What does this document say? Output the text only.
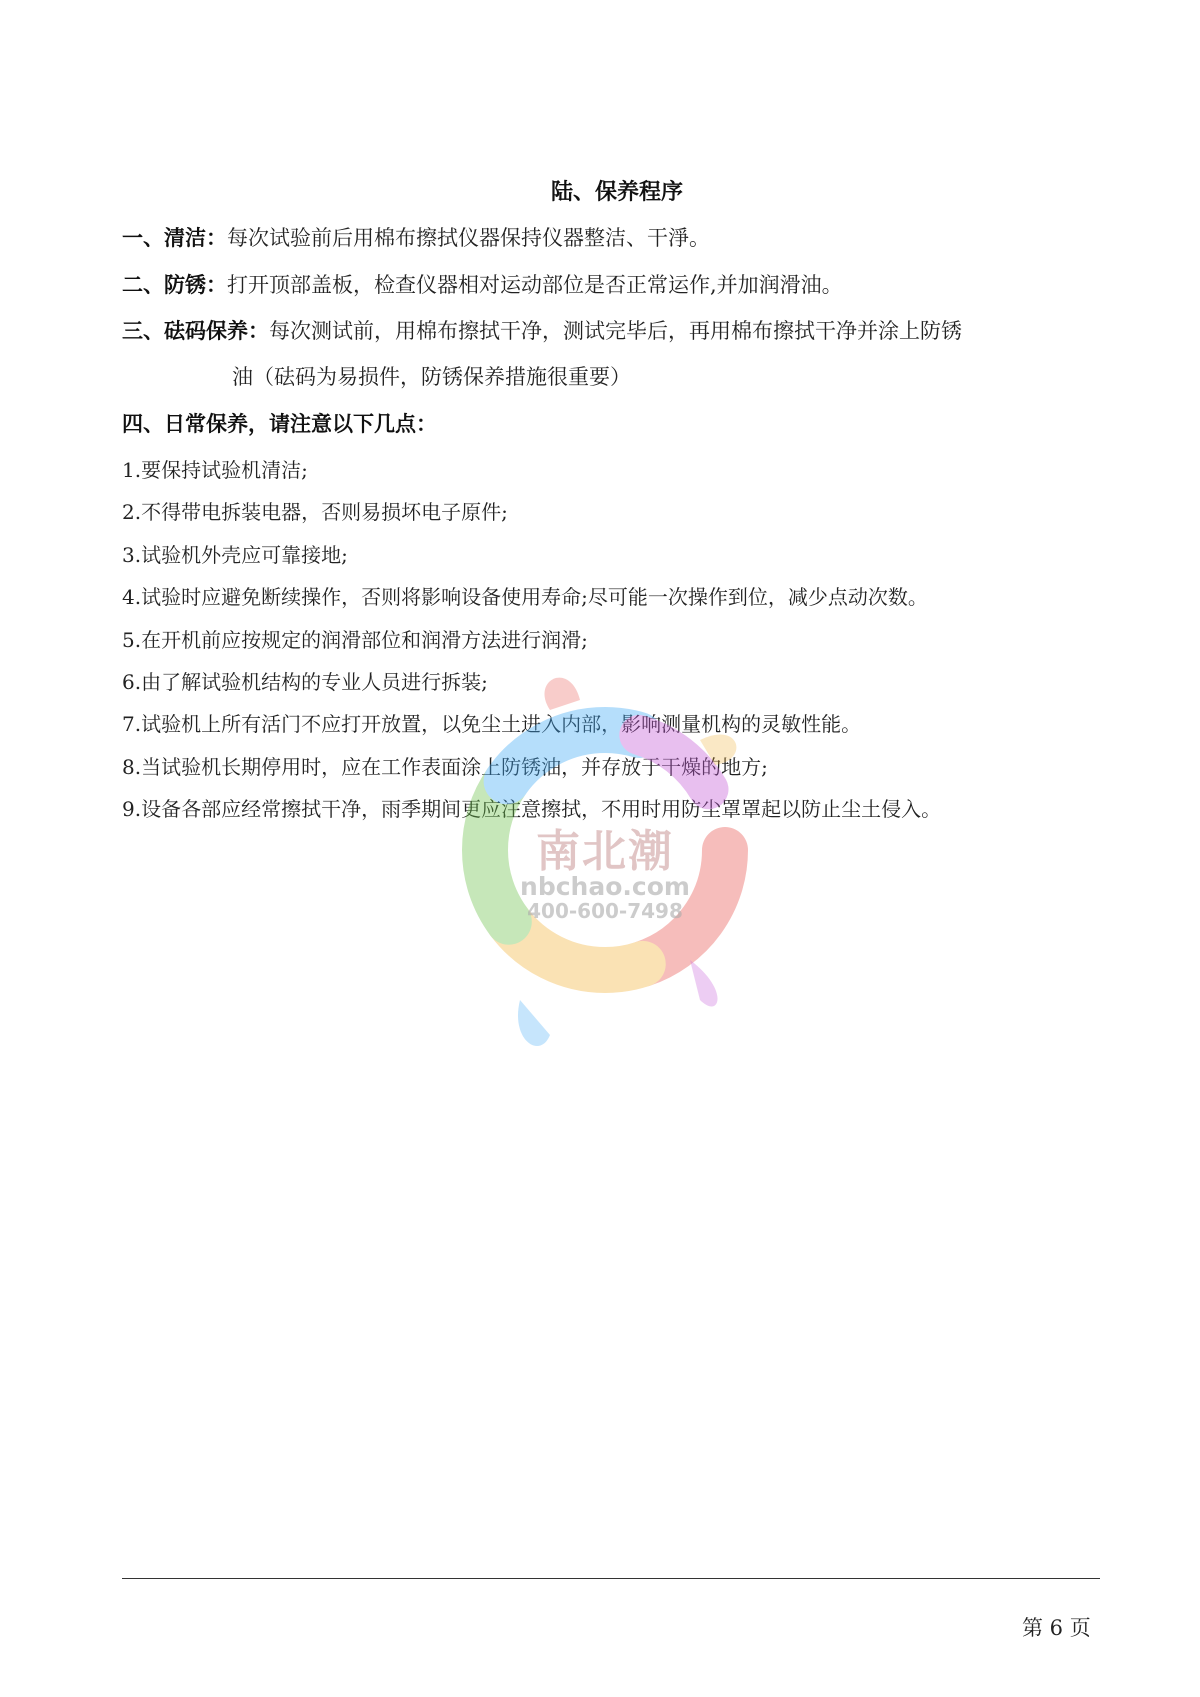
陆、保养程序
一、清洁：每次试验前后用棉布擦拭仪器保持仪器整洁、干淨。
二、防锈：打开顶部盖板，检查仪器相对运动部位是否正常运作,并加润滑油。
三、砝码保养：每次测试前，用棉布擦拭干净，测试完毕后，再用棉布擦拭干净并涂上防锈
油（砝码为易损件，防锈保养措施很重要）
四、日常保养，请注意以下几点：
1.要保持试验机清洁;
2.不得带电拆装电器，否则易损坏电子原件;
3.试验机外壳应可靠接地;
4.试验时应避免断续操作，否则将影响设备使用寿命;尽可能一次操作到位，减少点动次数。
5.在开机前应按规定的润滑部位和润滑方法进行润滑;
6.由了解试验机结构的专业人员进行拆装;
7.试验机上所有活门不应打开放置，以免尘土进入内部，影响测量机构的灵敏性能。
8.当试验机长期停用时，应在工作表面涂上防锈油，并存放于干燥的地方;
9.设备各部应经常擦拭干净，雨季期间更应注意擦拭，不用时用防尘罩罩起以防止尘土侵入。
南北潮
nbchao.com
400-600-7498
第 6 页
